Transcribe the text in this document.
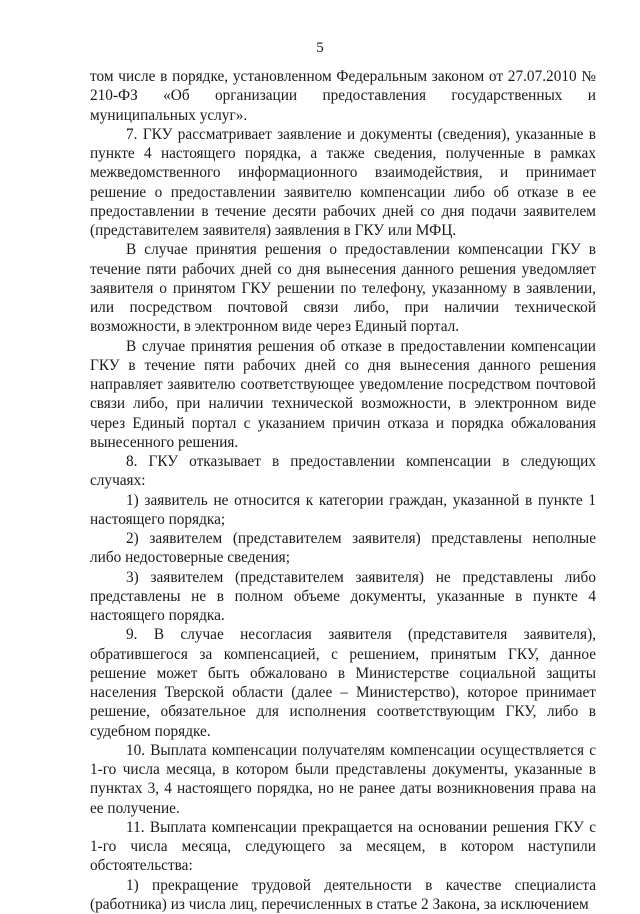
5

том числе в порядке, установленном Федеральным законом от 27.07.2010 № 210-ФЗ «Об организации предоставления государственных и муниципальных услуг».

7. ГКУ рассматривает заявление и документы (сведения), указанные в пункте 4 настоящего порядка, а также сведения, полученные в рамках межведомственного информационного взаимодействия, и принимает решение о предоставлении заявителю компенсации либо об отказе в ее предоставлении в течение десяти рабочих дней со дня подачи заявителем (представителем заявителя) заявления в ГКУ или МФЦ.

В случае принятия решения о предоставлении компенсации ГКУ в течение пяти рабочих дней со дня вынесения данного решения уведомляет заявителя о принятом ГКУ решении по телефону, указанному в заявлении, или посредством почтовой связи либо, при наличии технической возможности, в электронном виде через Единый портал.

В случае принятия решения об отказе в предоставлении компенсации ГКУ в течение пяти рабочих дней со дня вынесения данного решения направляет заявителю соответствующее уведомление посредством почтовой связи либо, при наличии технической возможности, в электронном виде через Единый портал с указанием причин отказа и порядка обжалования вынесенного решения.

8. ГКУ отказывает в предоставлении компенсации в следующих случаях:

1) заявитель не относится к категории граждан, указанной в пункте 1 настоящего порядка;

2) заявителем (представителем заявителя) представлены неполные либо недостоверные сведения;

3) заявителем (представителем заявителя) не представлены либо представлены не в полном объеме документы, указанные в пункте 4 настоящего порядка.

9. В случае несогласия заявителя (представителя заявителя), обратившегося за компенсацией, с решением, принятым ГКУ, данное решение может быть обжаловано в Министерстве социальной защиты населения Тверской области (далее – Министерство), которое принимает решение, обязательное для исполнения соответствующим ГКУ, либо в судебном порядке.

10. Выплата компенсации получателям компенсации осуществляется с 1-го числа месяца, в котором были представлены документы, указанные в пунктах 3, 4 настоящего порядка, но не ранее даты возникновения права на ее получение.

11. Выплата компенсации прекращается на основании решения ГКУ с 1-го числа месяца, следующего за месяцем, в котором наступили обстоятельства:

1) прекращение трудовой деятельности в качестве специалиста (работника) из числа лиц, перечисленных в статье 2 Закона, за исключением
